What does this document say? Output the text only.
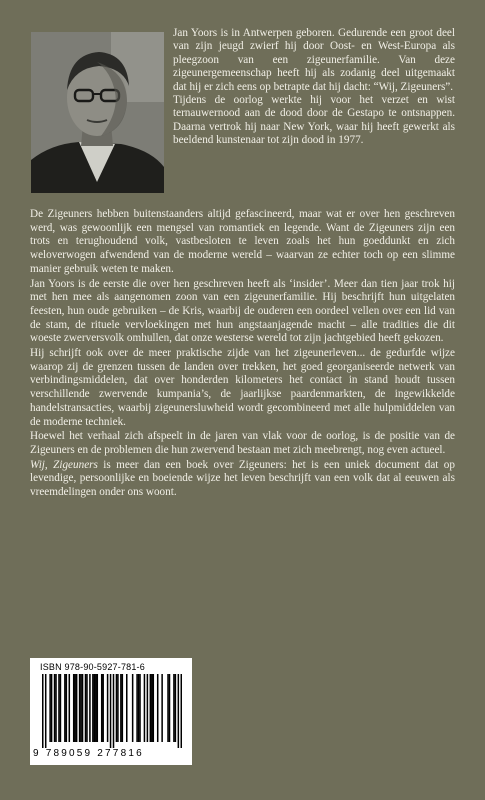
Jan Yoors is in Antwerpen geboren. Gedurende een groot deel van zijn jeugd zwierf hij door Oost- en West-Europa als pleegzoon van een zigeunerfamilie. Van deze zigeunergemeenschap heeft hij als zodanig deel uitgemaakt dat hij er zich eens op betrapte dat hij dacht: “Wij, Zigeuners”.

Tijdens de oorlog werkte hij voor het verzet en wist ternauwernood aan de dood door de Gestapo te ontsnappen. Daarna vertrok hij naar New York, waar hij heeft gewerkt als beeldend kunstenaar tot zijn dood in 1977.

De Zigeuners hebben buitenstaanders altijd gefascineerd, maar wat er over hen geschreven werd, was gewoonlijk een mengsel van romantiek en legende. Want de Zigeuners zijn een trots en terughoudend volk, vastbesloten te leven zoals het hun goeddunkt en zich weloverwogen afwendend van de moderne wereld – waarvan ze echter toch op een slimme manier gebruik weten te maken.

Jan Yoors is de eerste die over hen geschreven heeft als ‘insider’. Meer dan tien jaar trok hij met hen mee als aangenomen zoon van een zigeunerfamilie. Hij beschrijft hun uitgelaten feesten, hun oude gebruiken – de Kris, waarbij de ouderen een oordeel vellen over een lid van de stam, de rituele vervloekingen met hun angstaanjagende macht – alle tradities die dit woeste zwerversvolk omhullen, dat onze westerse wereld tot zijn jachtgebied heeft gekozen.

Hij schrijft ook over de meer praktische zijde van het zigeunerleven... de gedurfde wijze waarop zij de grenzen tussen de landen over trekken, het goed georganiseerde netwerk van verbindingsmiddelen, dat over honderden kilometers het contact in stand houdt tussen verschillende zwervende kumpania’s, de jaarlijkse paardenmarkten, de ingewikkelde handelstransacties, waarbij zigeunersluwheid wordt gecombineerd met alle hulpmiddelen van de moderne techniek.

Hoewel het verhaal zich afspeelt in de jaren van vlak voor de oorlog, is de positie van de Zigeuners en de problemen die hun zwervend bestaan met zich meebrengt, nog even actueel.

Wij, Zigeuners is meer dan een boek over Zigeuners: het is een uniek document dat op levendige, persoonlijke en boeiende wijze het leven beschrijft van een volk dat al eeuwen als vreemdelingen onder ons woont.

ISBN 978-90-5927-781-6
9 789059 277816
